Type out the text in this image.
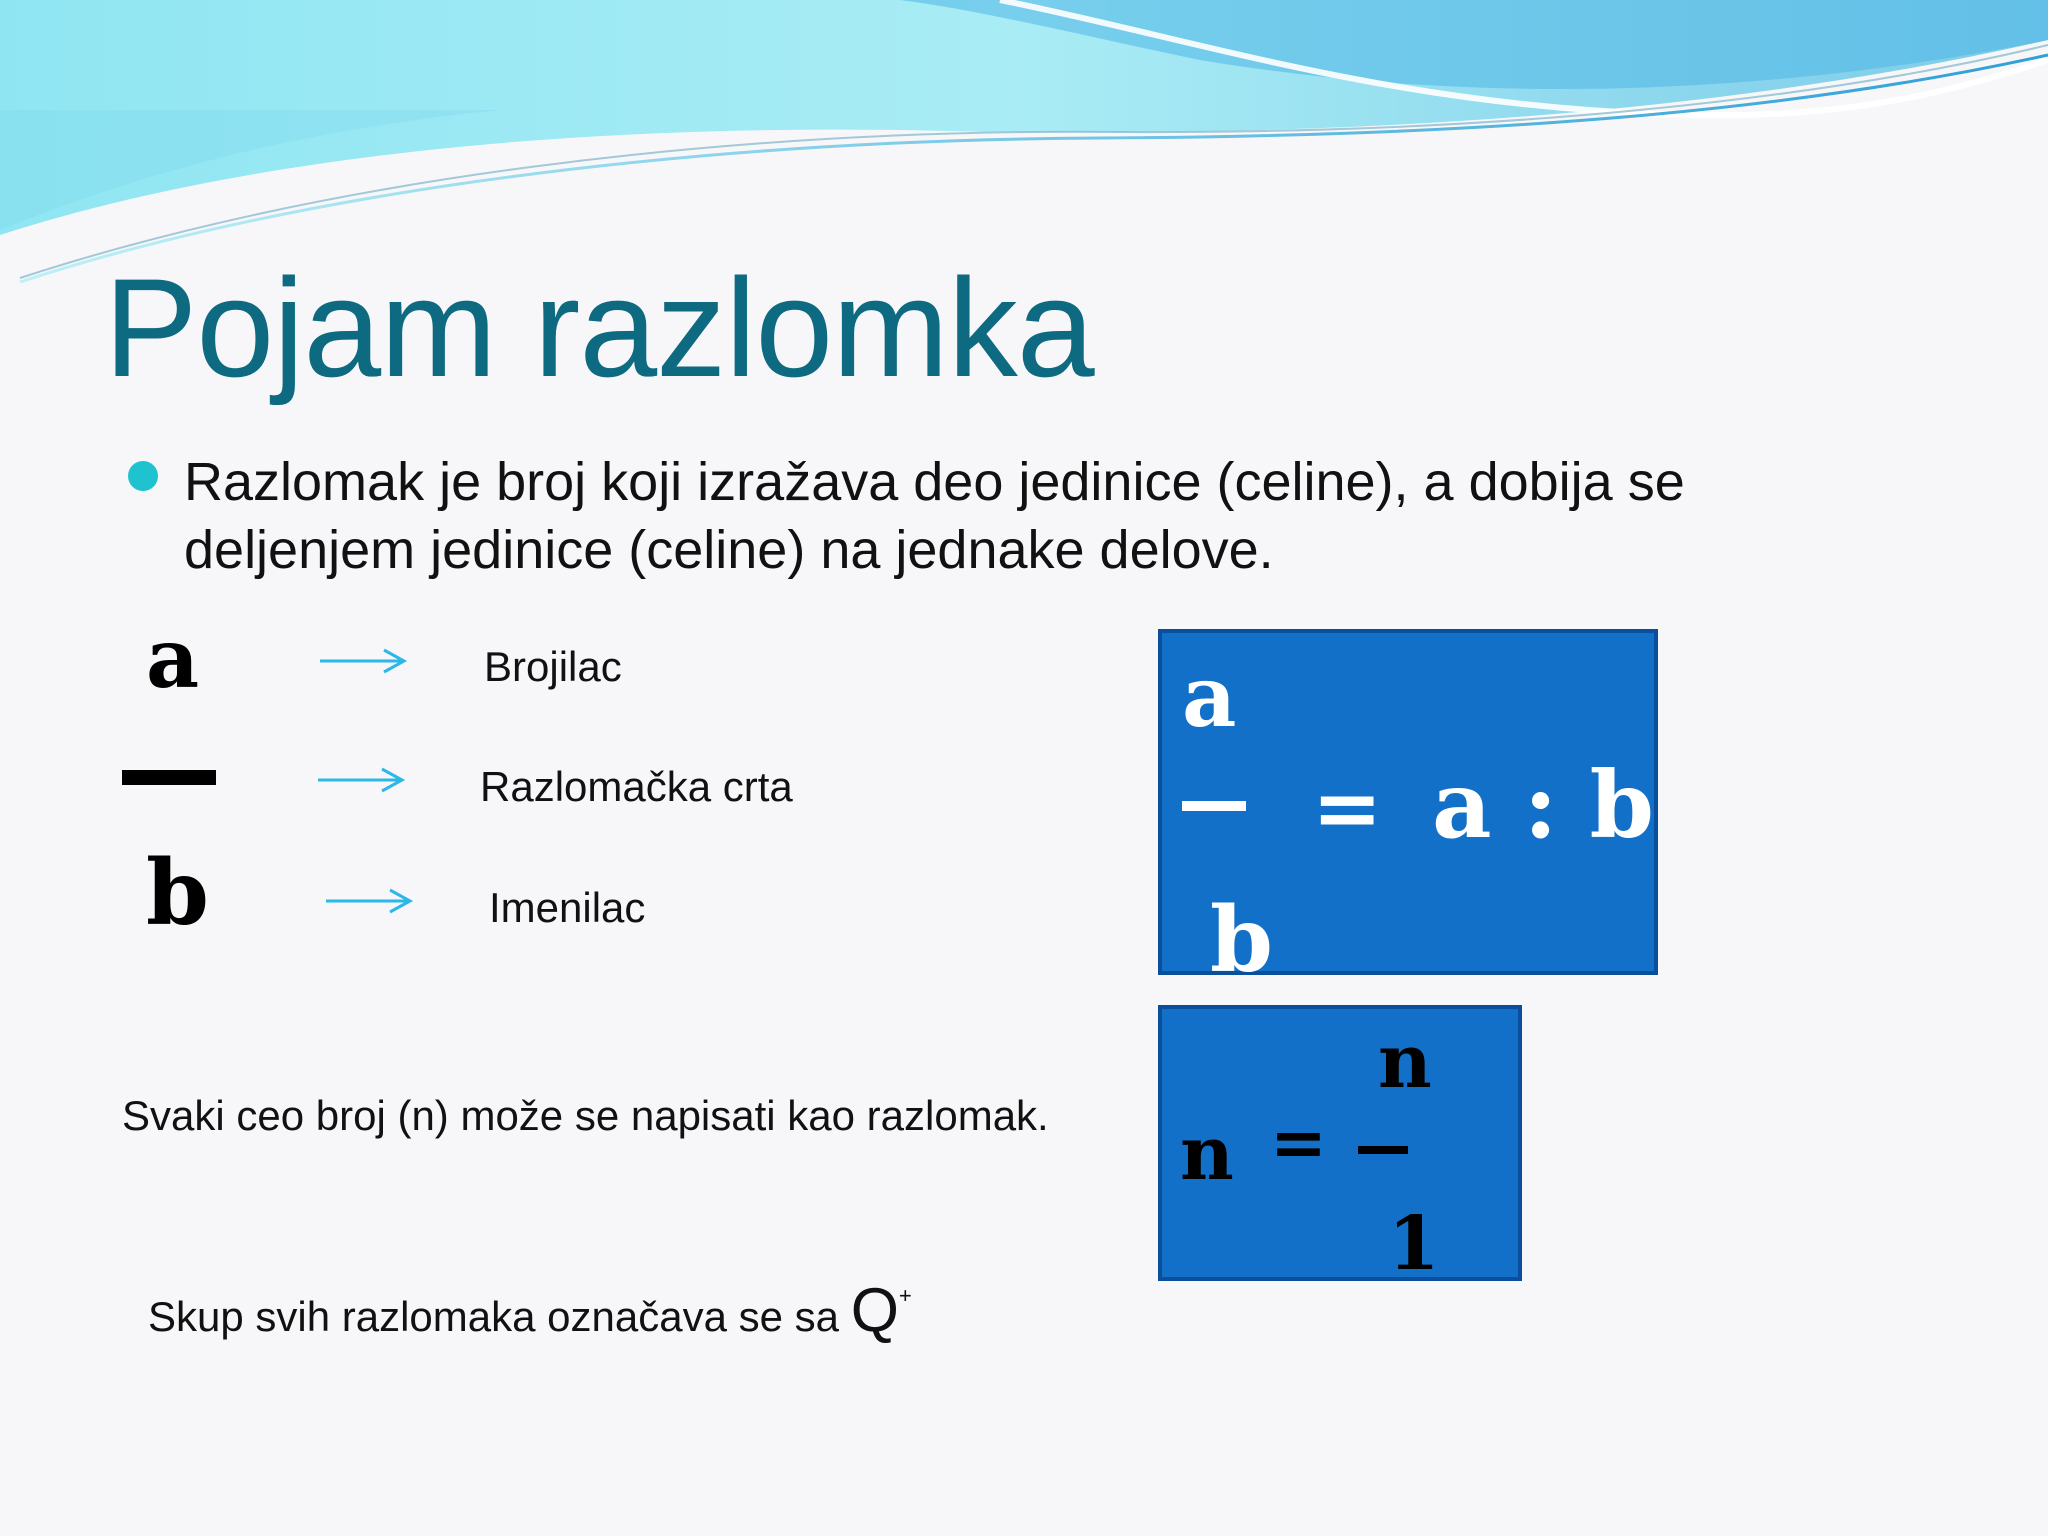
Pojam razlomka
Razlomak je broj koji izražava deo jedinice (celine), a dobija se deljenjem jedinice (celine) na jednake delove.
a
b
Brojilac
Razlomačka crta
Imenilac
a
b
= a : b
n
n =
1
Svaki ceo broj (n) može se napisati kao razlomak.
Skup svih razlomaka označava se sa Q+
